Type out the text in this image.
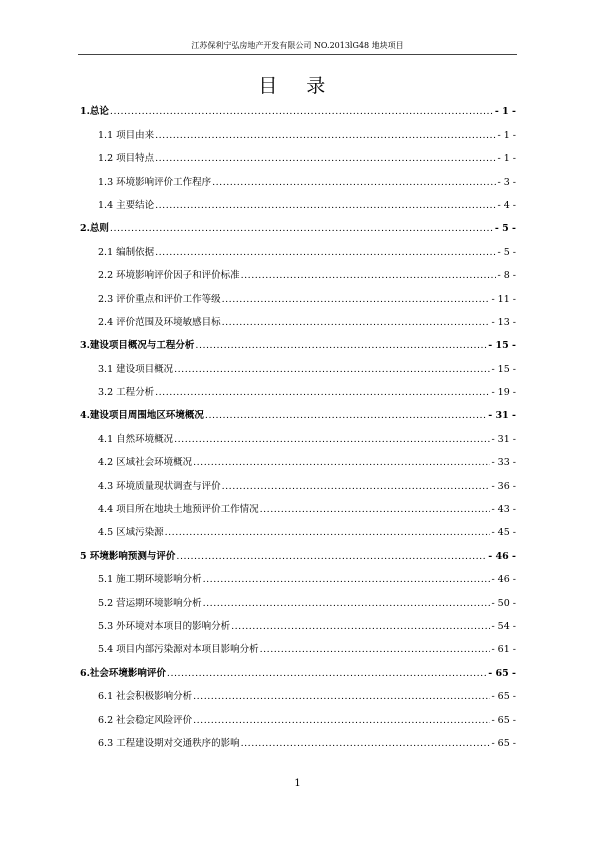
江苏保利宁弘房地产开发有限公司 NO.2013lG48 地块项目
目 录
1.总论 .....	- 1 -
1.1 项目由来 .....	- 1 -
1.2 项目特点 .....	- 1 -
1.3 环境影响评价工作程序 .....	- 3 -
1.4 主要结论 .....	- 4 -
2.总则 .....	- 5 -
2.1 编制依据 .....	- 5 -
2.2 环境影响评价因子和评价标准 .....	- 8 -
2.3 评价重点和评价工作等级 .....	- 11 -
2.4 评价范围及环境敏感目标 .....	- 13 -
3.建设项目概况与工程分析 .....	- 15 -
3.1 建设项目概况 .....	- 15 -
3.2 工程分析 .....	- 19 -
4.建设项目周围地区环境概况 .....	- 31 -
4.1 自然环境概况 .....	- 31 -
4.2 区域社会环境概况 .....	- 33 -
4.3 环境质量现状调查与评价 .....	- 36 -
4.4 项目所在地块土地预评价工作情况 .....	- 43 -
4.5 区域污染源 .....	- 45 -
5 环境影响预测与评价 .....	- 46 -
5.1 施工期环境影响分析 .....	- 46 -
5.2 营运期环境影响分析 .....	- 50 -
5.3 外环境对本项目的影响分析 .....	- 54 -
5.4 项目内部污染源对本项目影响分析 .....	- 61 -
6.社会环境影响评价 .....	- 65 -
6.1 社会积极影响分析 .....	- 65 -
6.2 社会稳定风险评价 .....	- 65 -
6.3 工程建设期对交通秩序的影响 .....	- 65 -
1
